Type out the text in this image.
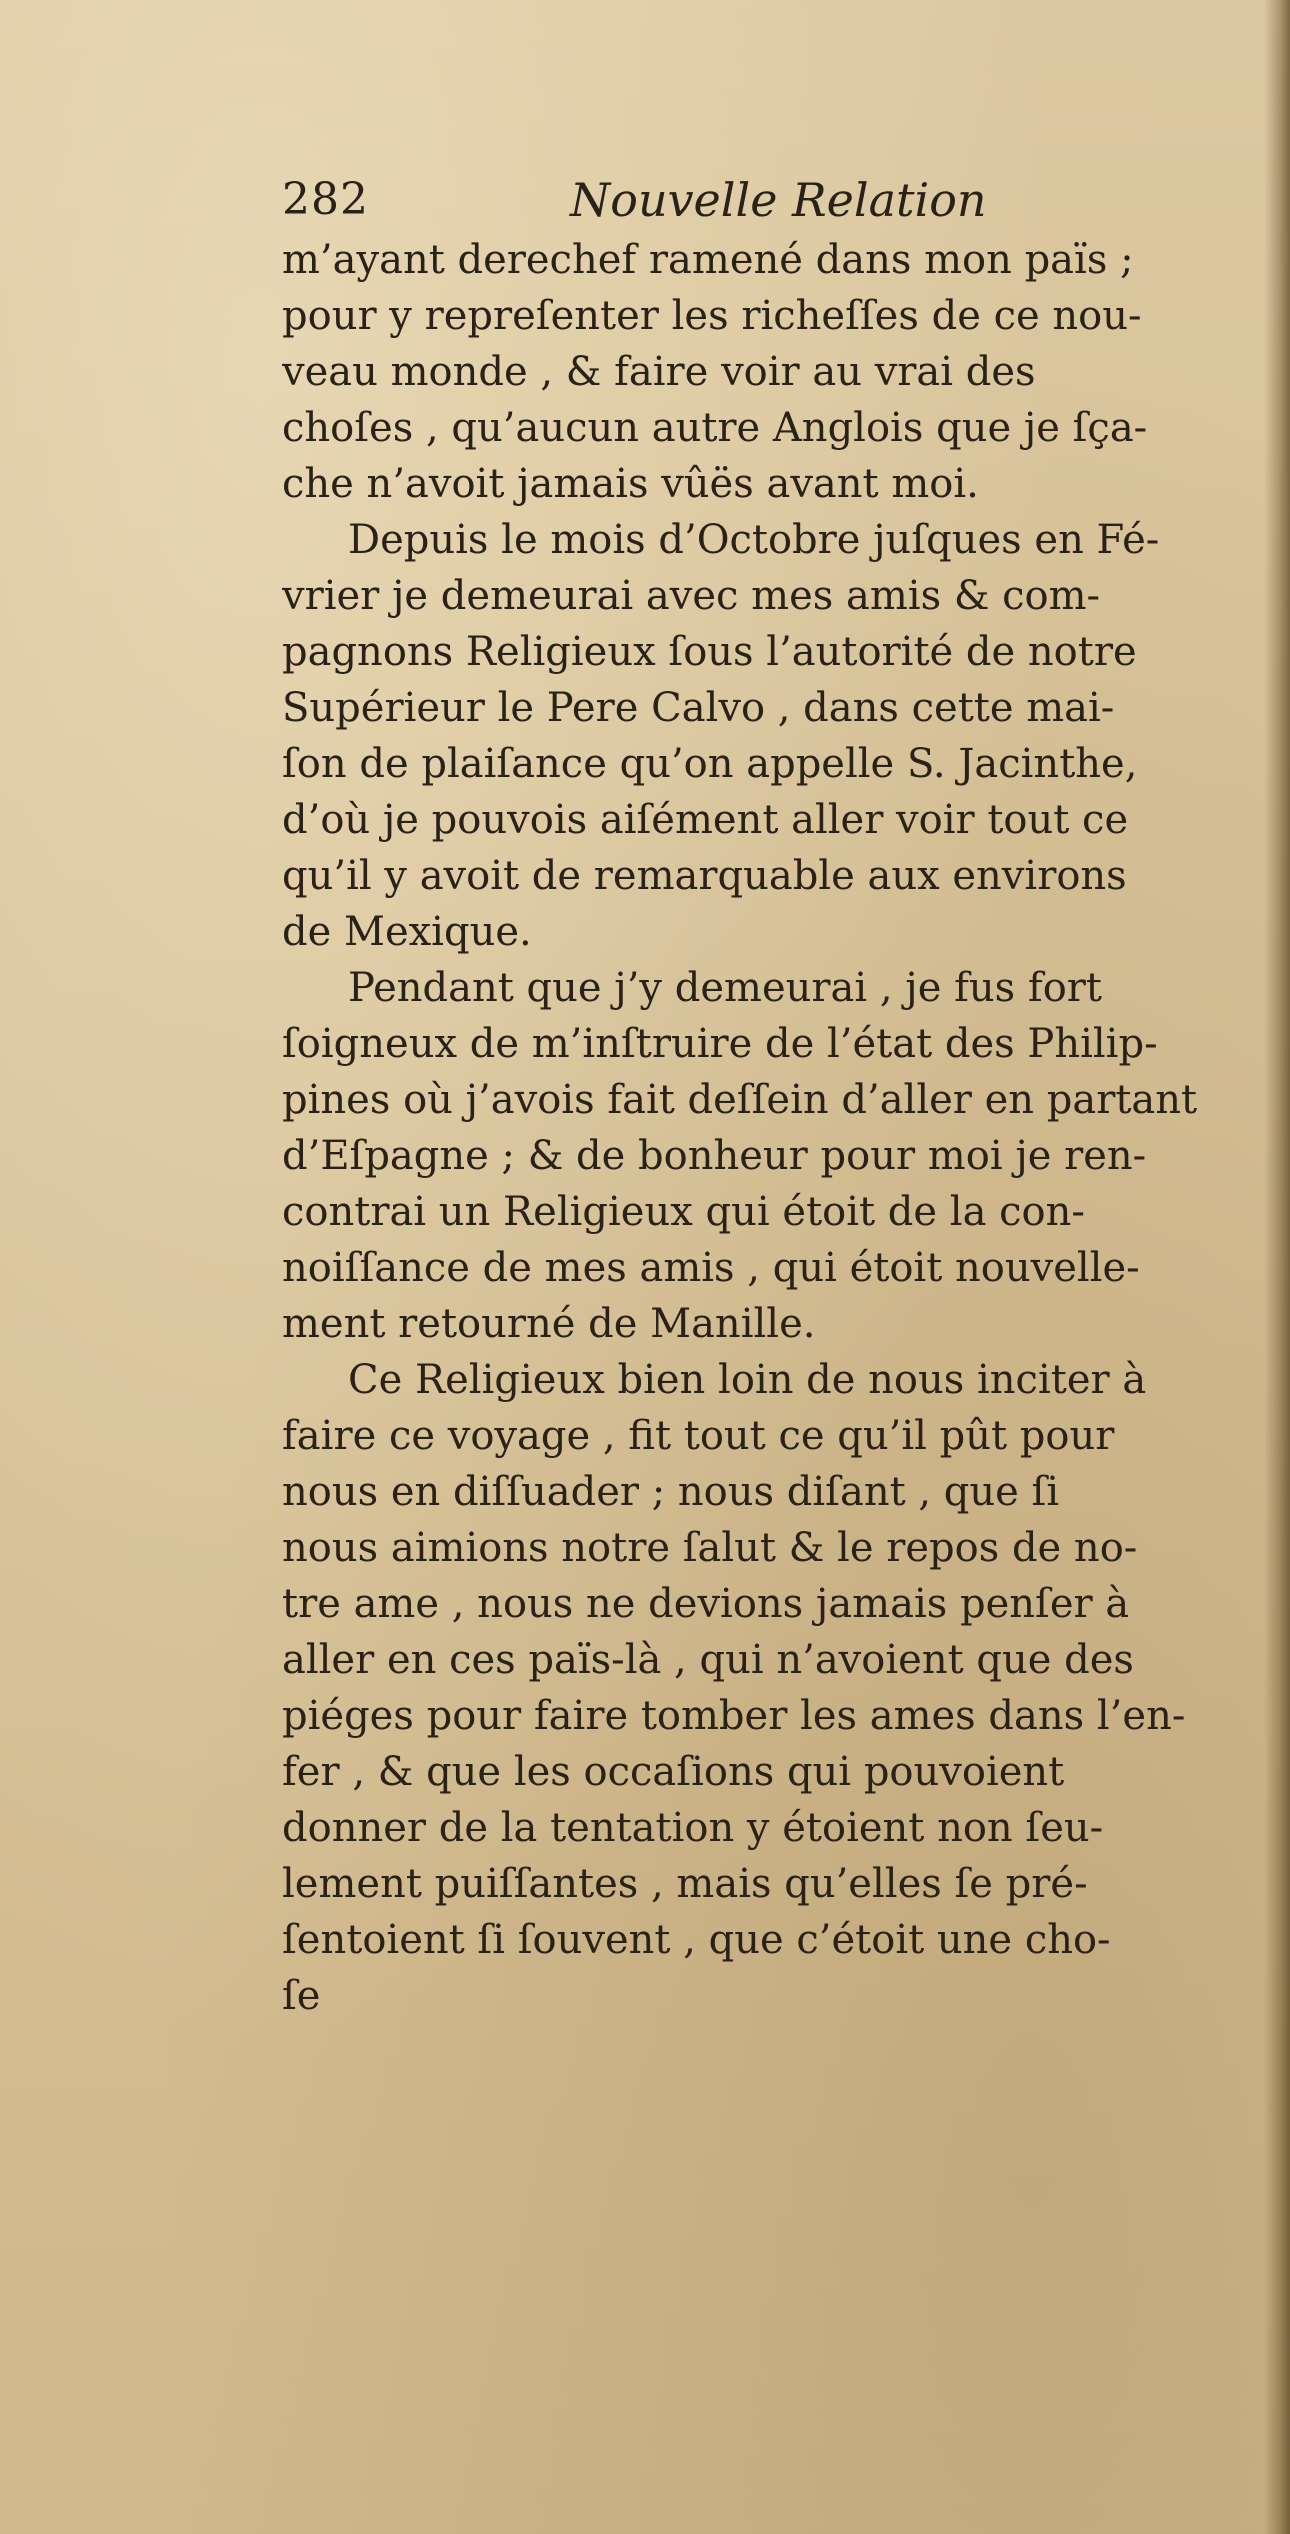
282	Nouvelle Relation
m’ayant derechef ramené dans mon païs ;
pour y repreſenter les richeſſes de ce nou-
veau monde , & faire voir au vrai des
choſes , qu’aucun autre Anglois que je ſça-
che n’avoit jamais vûës avant moi.
Depuis le mois d’Octobre juſques en Fé-
vrier je demeurai avec mes amis & com-
pagnons Religieux ſous l’autorité de notre
Supérieur le Pere Calvo , dans cette mai-
ſon de plaiſance qu’on appelle S. Jacinthe,
d’où je pouvois aiſément aller voir tout ce
qu’il y avoit de remarquable aux environs
de Mexique.
Pendant que j’y demeurai , je fus fort
ſoigneux de m’inſtruire de l’état des Philip-
pines où j’avois fait deſſein d’aller en partant
d’Eſpagne ; & de bonheur pour moi je ren-
contrai un Religieux qui étoit de la con-
noiſſance de mes amis , qui étoit nouvelle-
ment retourné de Manille.
Ce Religieux bien loin de nous inciter à
faire ce voyage , fit tout ce qu’il pût pour
nous en diſſuader ; nous diſant , que ſi
nous aimions notre ſalut & le repos de no-
tre ame , nous ne devions jamais penſer à
aller en ces païs-là , qui n’avoient que des
piéges pour faire tomber les ames dans l’en-
fer , & que les occaſions qui pouvoient
donner de la tentation y étoient non ſeu-
lement puiſſantes , mais qu’elles ſe pré-
ſentoient ſi ſouvent , que c’étoit une cho-
ſe
